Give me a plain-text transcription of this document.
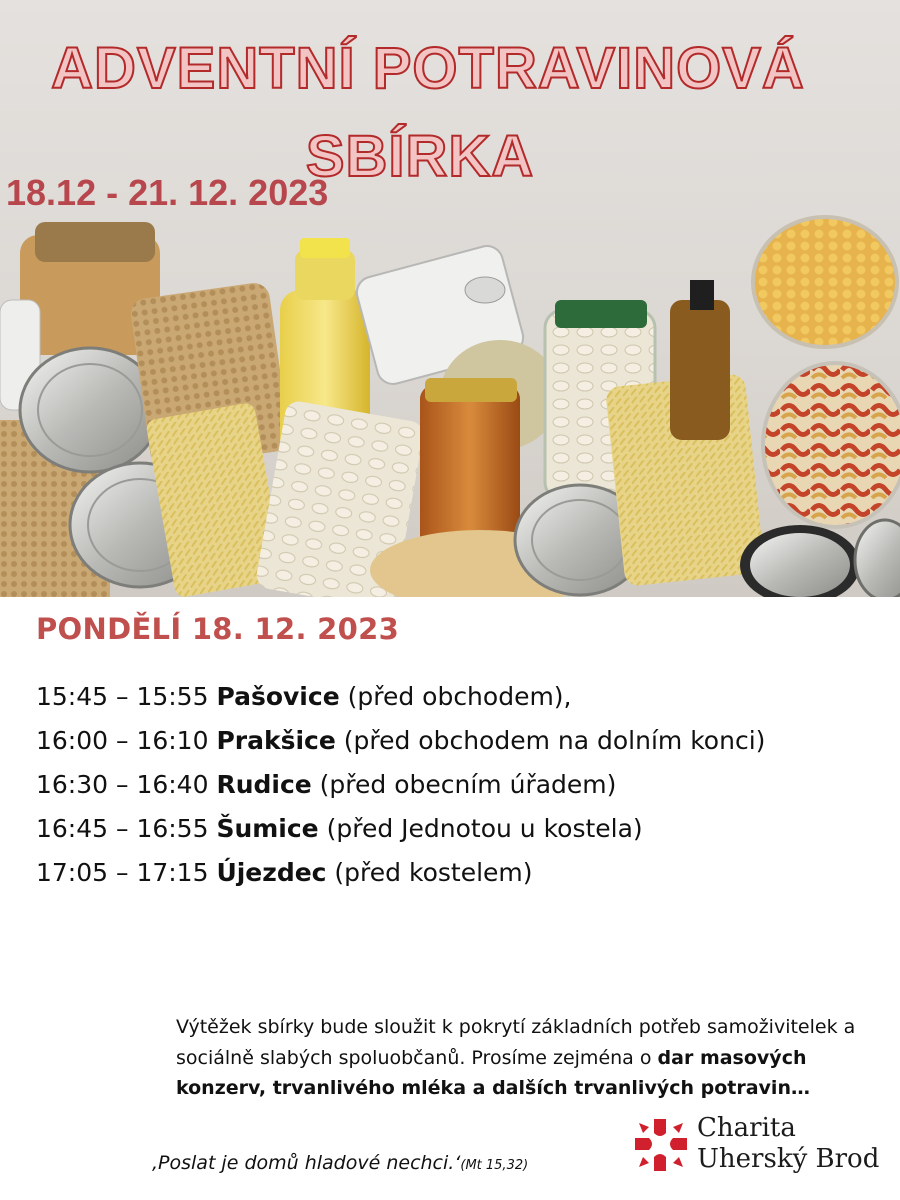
ADVENTNÍ POTRAVINOVÁ
SBÍRKA
18.12 - 21. 12. 2023
PONDĚLÍ 18. 12. 2023
15:45 – 15:55 Pašovice (před obchodem),
16:00 – 16:10 Prakšice (před obchodem na dolním konci)
16:30 – 16:40 Rudice (před obecním úřadem)
16:45 – 16:55 Šumice (před Jednotou u kostela)
17:05 – 17:15 Újezdec (před kostelem)

Výtěžek sbírky bude sloužit k pokrytí základních potřeb samoživitelek a sociálně slabých spoluobčanů. Prosíme zejména o dar masových konzerv, trvanlivého mléka a dalších trvanlivých potravin…

‚Poslat je domů hladové nechci.‘(Mt 15,32)
Charita
Uherský Brod
